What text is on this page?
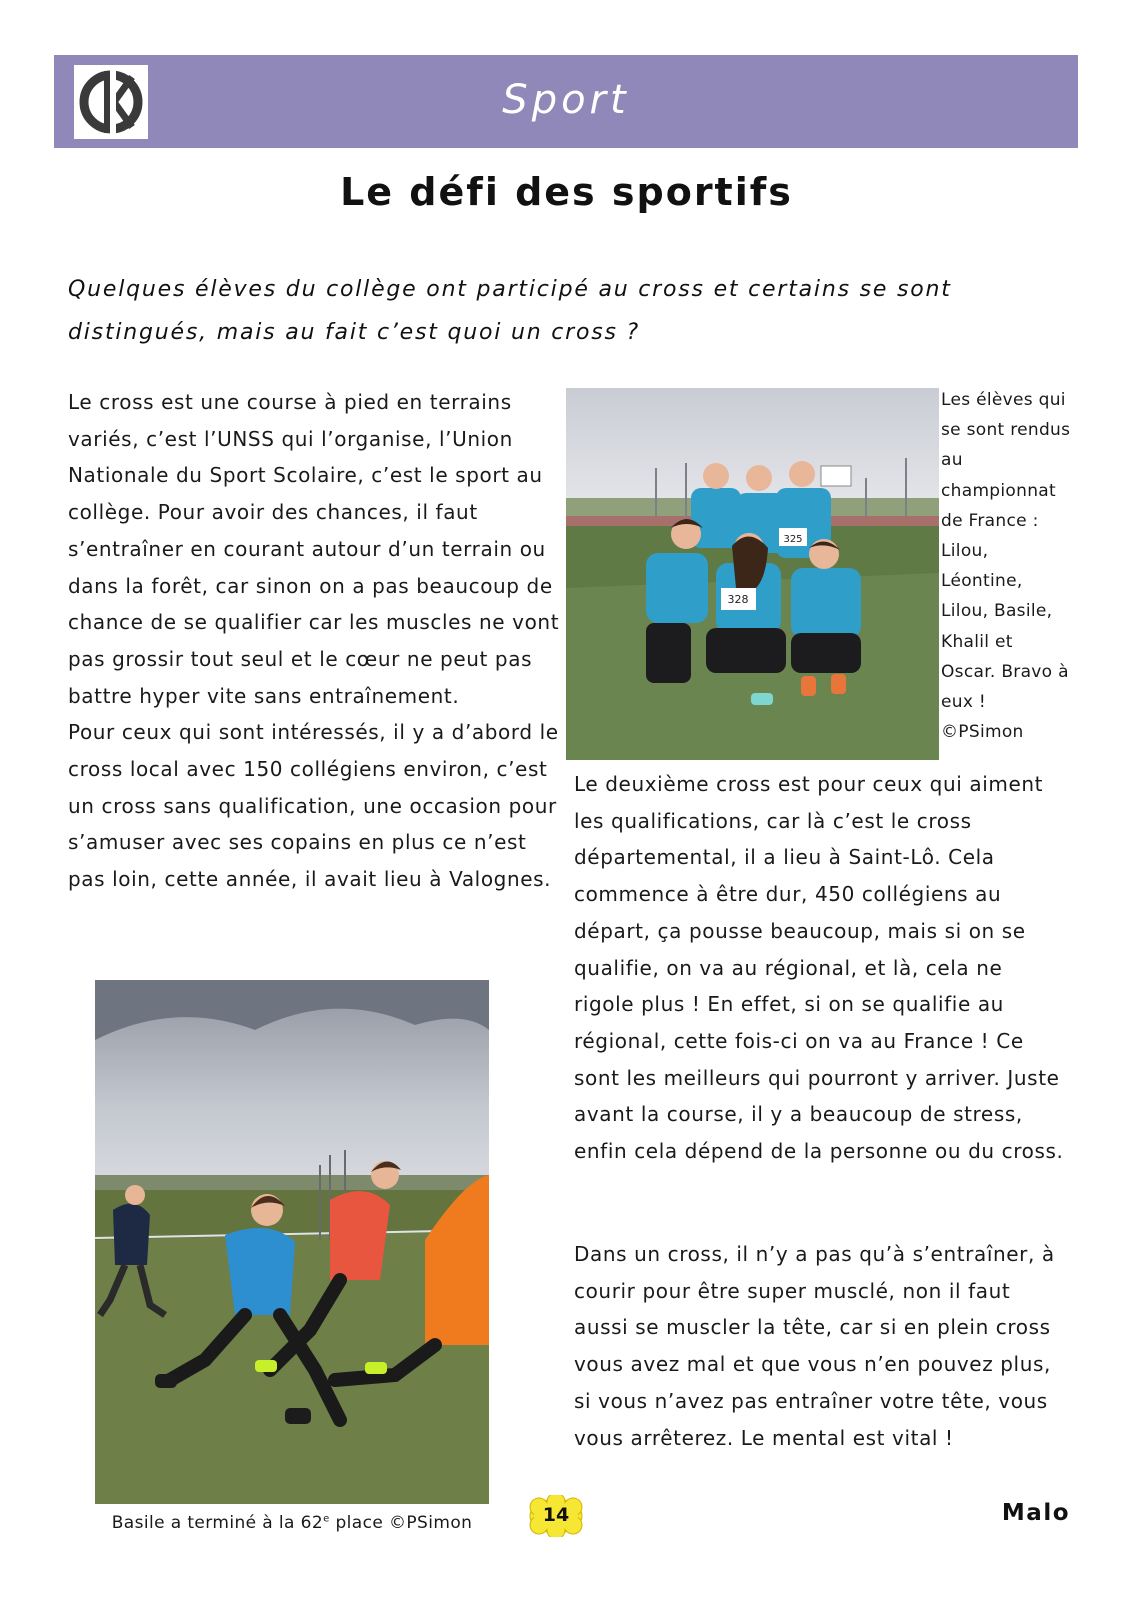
Sport
Le défi des sportifs
Quelques élèves du collège ont participé au cross et certains se sont distingués, mais au fait c’est quoi un cross ?

Le cross est une course à pied en terrains variés, c’est l’UNSS qui l’organise, l’Union Nationale du Sport Scolaire, c’est le sport au collège. Pour avoir des chances, il faut s’entraîner en courant autour d’un terrain ou dans la forêt, car sinon on a pas beaucoup de chance de se qualifier car les muscles ne vont pas grossir tout seul et le cœur ne peut pas battre hyper vite sans entraînement.

Pour ceux qui sont intéressés, il y a d’abord le cross local avec 150 collégiens environ, c’est un cross sans qualification, une occasion pour s’amuser avec ses copains en plus ce n’est pas loin, cette année, il avait lieu à Valognes.

328
325
Les élèves qui se sont rendus au championnat de France : Lilou, Léontine, Lilou, Basile, Khalil et Oscar. Bravo à eux ! ©PSimon

Le deuxième cross est pour ceux qui aiment les qualifications, car là c’est le cross départemental, il a lieu à Saint-Lô. Cela commence à être dur, 450 collégiens au départ, ça pousse beaucoup, mais si on se qualifie, on va au régional, et là, cela ne rigole plus ! En effet, si on se qualifie au régional, cette fois-ci on va au France ! Ce sont les meilleurs qui pourront y arriver. Juste avant la course, il y a beaucoup de stress, enfin cela dépend de la personne ou du cross.

Dans un cross, il n’y a pas qu’à s’entraîner, à courir pour être super musclé, non il faut aussi se muscler la tête, car si en plein cross vous avez mal et que vous n’en pouvez plus, si vous n’avez pas entraîner votre tête, vous vous arrêterez. Le mental est vital !

Basile a terminé à la 62e place ©PSimon	14	Malo
